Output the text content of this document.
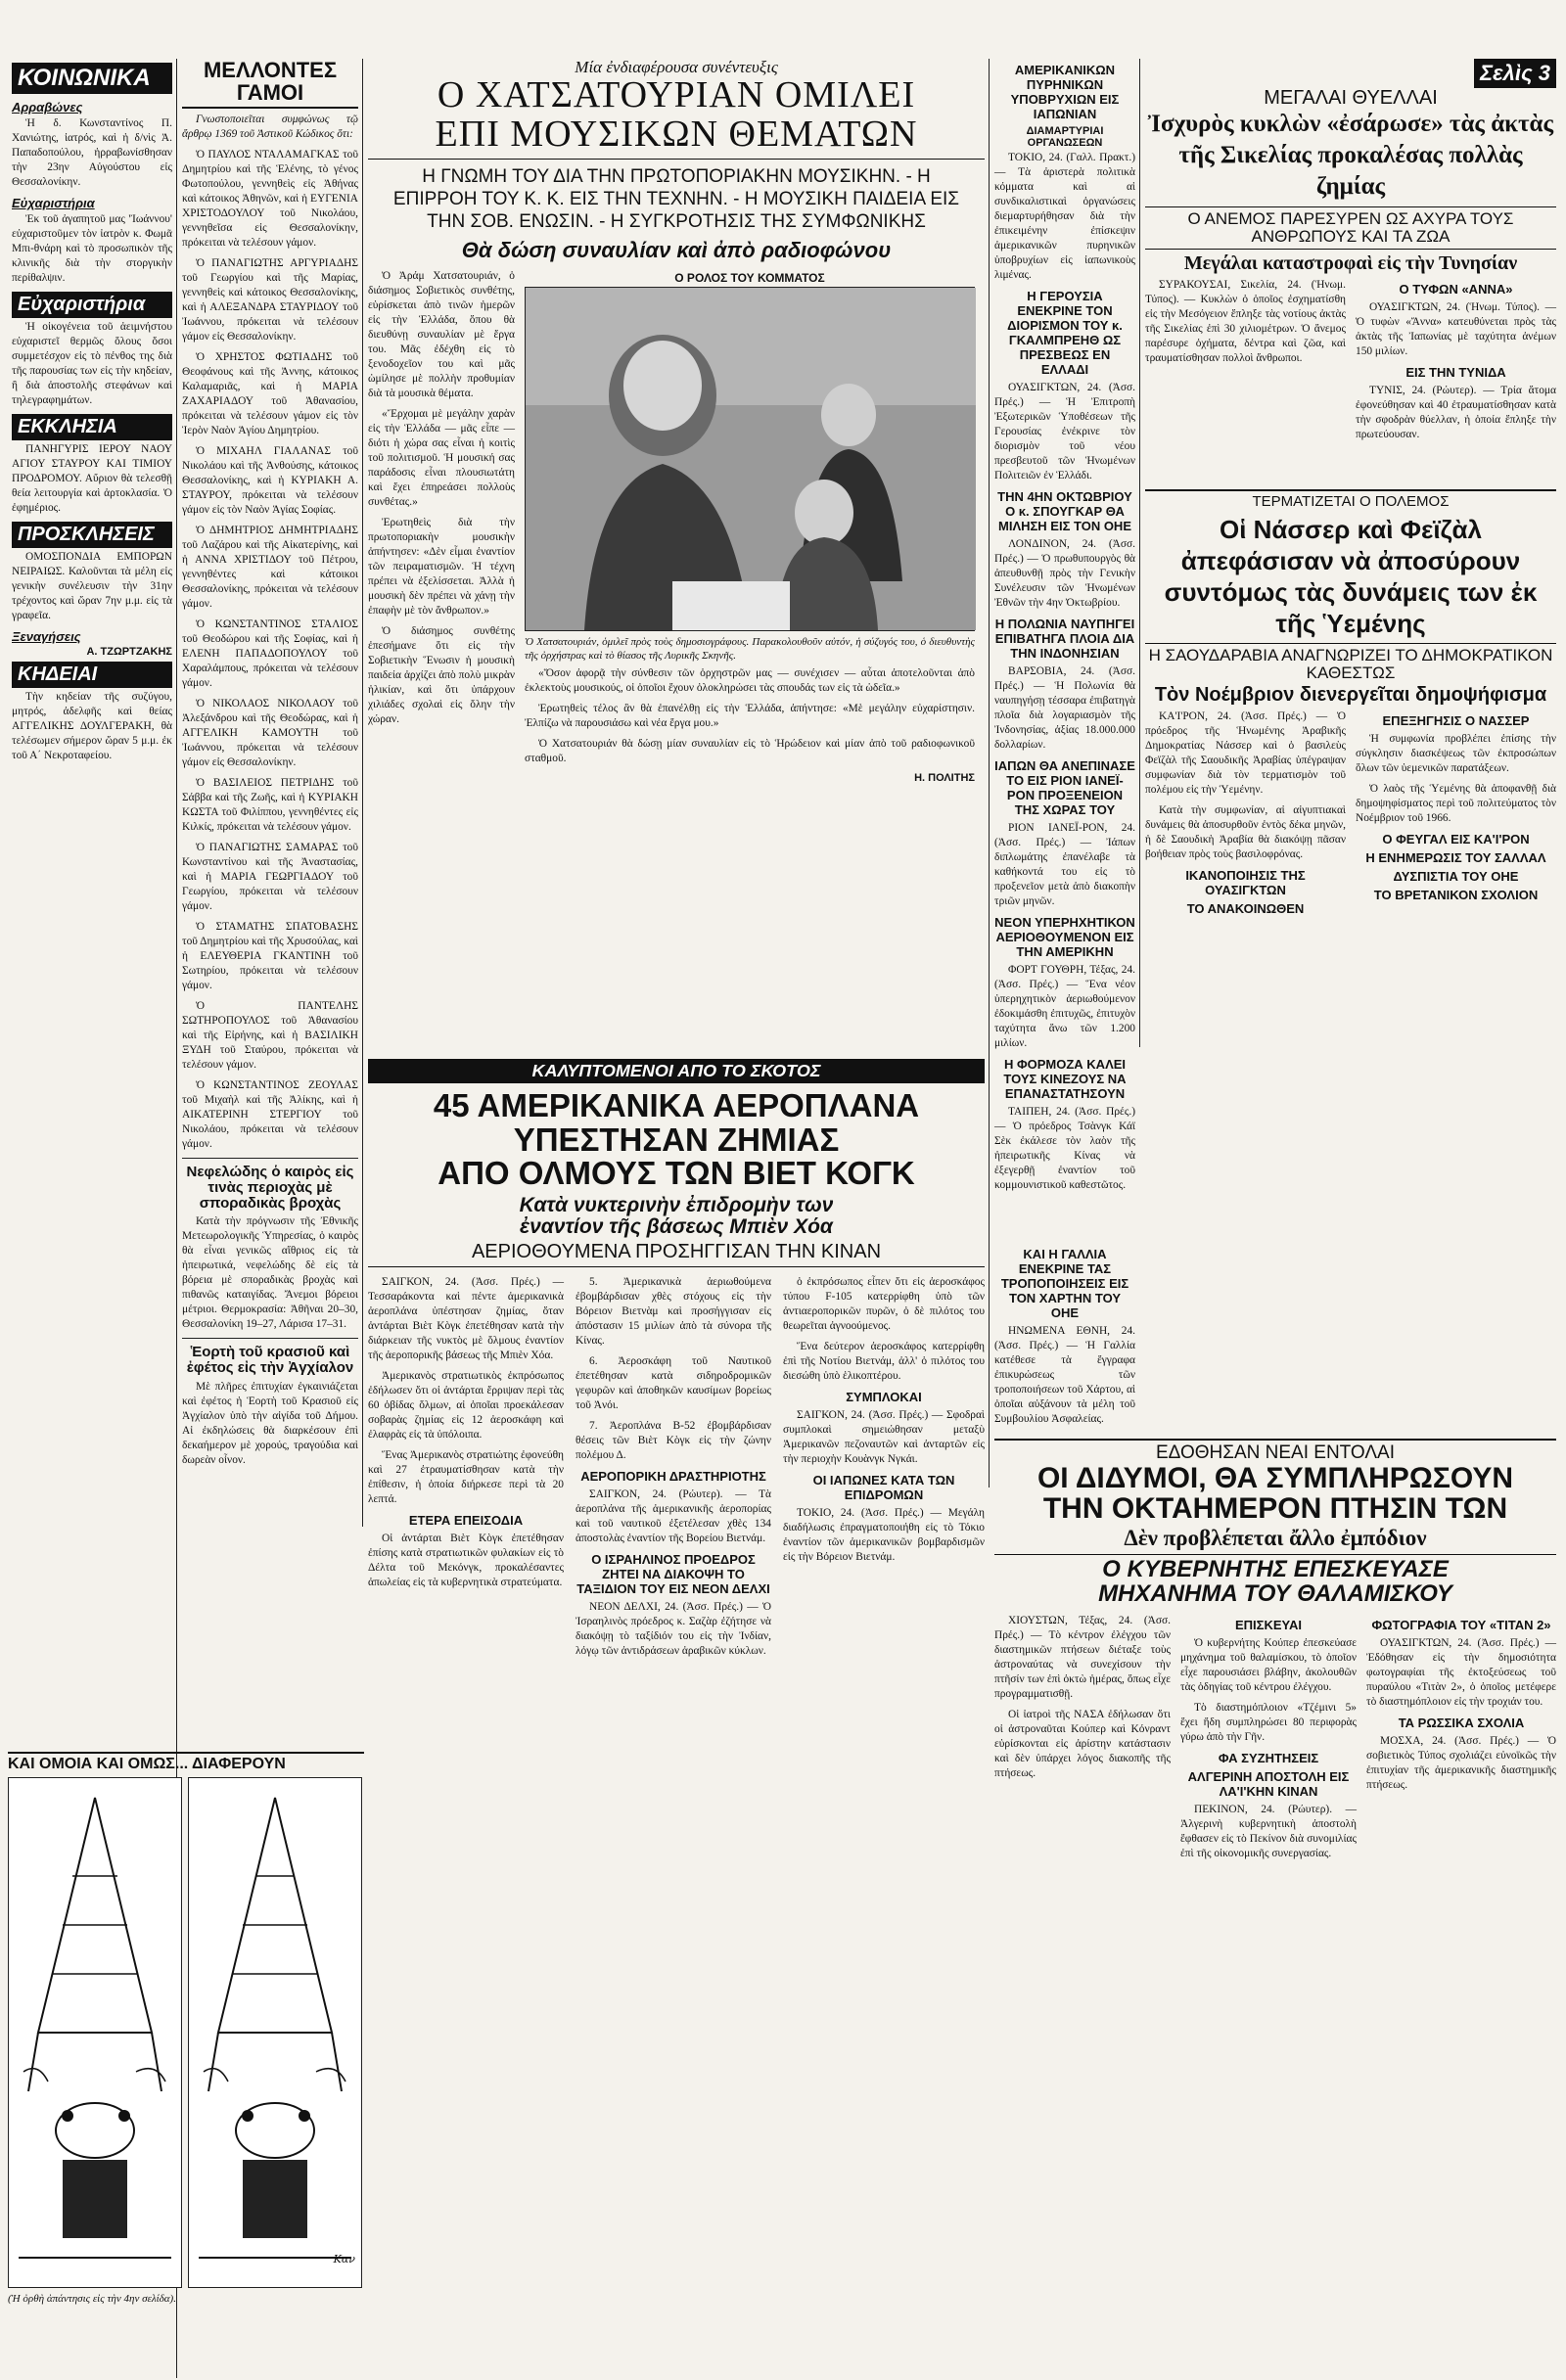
ΚΟΙΝΩΝΙΚΑ
Αρραβώνες

Ἡ δ. Κωνσταντίνος Π. Χανιώτης, ἰατρός, καὶ ἡ δ/νὶς Ἀ. Παπαδοπούλου, ἠρραβωνίσθησαν τὴν 23ην Αὐγούστου εἰς Θεσσαλονίκην.

Εὐχαριστήρια

Ἐκ τοῦ ἀγαπητοῦ μας 'Ἰωάννου' εὐχαριστοῦμεν τὸν ἰατρὸν κ. Φωμᾶ Μπι-θνάρη καὶ τὸ προσωπικὸν τῆς κλινικῆς διὰ τὴν στοργικὴν περίθαλψιν.

Εὐχαριστήρια

Ἡ οἰκογένεια τοῦ ἀειμνήστου εὐχαριστεῖ θερμῶς ὅλους ὅσοι συμμετέσχον εἰς τὸ πένθος της διὰ τῆς παρουσίας των εἰς τὴν κηδείαν, ἢ διὰ ἀποστολῆς στεφάνων καὶ τηλεγραφημάτων.

ΕΚΚΛΗΣΙΑ

ΠΑΝΗΓΥΡΙΣ ΙΕΡΟΥ ΝΑΟΥ ΑΓΙΟΥ ΣΤΑΥΡΟΥ ΚΑΙ ΤΙΜΙΟΥ ΠΡΟΔΡΟΜΟΥ. Αὔριον θὰ τελεσθῇ θεία λειτουργία καὶ ἀρτοκλασία. Ὁ ἐφημέριος.

ΠΡΟΣΚΛΗΣΕΙΣ

ΟΜΟΣΠΟΝΔΙΑ ΕΜΠΟΡΩΝ ΝΕΙΡΑΙΩΣ. Καλοῦνται τὰ μέλη εἰς γενικὴν συνέλευσιν τὴν 31ην τρέχοντος καὶ ὥραν 7ην μ.μ. εἰς τὰ γραφεῖα.

Ξεναγήσεις
Α. ΤΖΩΡΤΖΑΚΗΣ
ΚΗΔΕΙΑΙ

Τὴν κηδείαν τῆς συζύγου, μητρός, ἀδελφῆς καὶ θείας ΑΓΓΕΛΙΚΗΣ ΔΟΥΛΓΕΡΑΚΗ, θὰ τελέσωμεν σήμερον ὥραν 5 μ.μ. ἐκ τοῦ Α΄ Νεκροταφείου.

ΜΕΛΛΟΝΤΕΣ ΓΑΜΟΙ

Γνωστοποιεῖται συμφώνως τῷ ἄρθρῳ 1369 τοῦ Ἀστικοῦ Κώδικος ὅτι:

Ὁ ΠΑΥΛΟΣ ΝΤΑΛΑΜΑΓΚΑΣ τοῦ Δημητρίου καὶ τῆς Ἑλένης, τὸ γένος Φωτοπούλου, γεννηθεὶς εἰς Ἀθήνας καὶ κάτοικος Ἀθηνῶν, καὶ ἡ ΕΥΓΕΝΙΑ ΧΡΙΣΤΟΔΟΥΛΟΥ τοῦ Νικολάου, γεννηθεῖσα εἰς Θεσσαλονίκην, πρόκειται νὰ τελέσουν γάμον.

Ὁ ΠΑΝΑΓΙΩΤΗΣ ΑΡΓΥΡΙΑΔΗΣ τοῦ Γεωργίου καὶ τῆς Μαρίας, γεννηθεὶς καὶ κάτοικος Θεσσαλονίκης, καὶ ἡ ΑΛΕΞΑΝΔΡΑ ΣΤΑΥΡΙΔΟΥ τοῦ Ἰωάννου, πρόκειται νὰ τελέσουν γάμον εἰς Θεσσαλονίκην.

Ὁ ΧΡΗΣΤΟΣ ΦΩΤΙΑΔΗΣ τοῦ Θεοφάνους καὶ τῆς Ἀννης, κάτοικος Καλαμαριᾶς, καὶ ἡ ΜΑΡΙΑ ΖΑΧΑΡΙΑΔΟΥ τοῦ Ἀθανασίου, πρόκειται νὰ τελέσουν γάμον εἰς τὸν Ἱερὸν Ναὸν Ἁγίου Δημητρίου.

Ὁ ΜΙΧΑΗΛ ΓΙΑΛΑΝΑΣ τοῦ Νικολάου καὶ τῆς Ἀνθούσης, κάτοικος Θεσσαλονίκης, καὶ ἡ ΚΥΡΙΑΚΗ Α. ΣΤΑΥΡΟΥ, πρόκειται νὰ τελέσουν γάμον εἰς τὸν Ναὸν Ἁγίας Σοφίας.

Ὁ ΔΗΜΗΤΡΙΟΣ ΔΗΜΗΤΡΙΑΔΗΣ τοῦ Λαζάρου καὶ τῆς Αἰκατερίνης, καὶ ἡ ΑΝΝΑ ΧΡΙΣΤΙΔΟΥ τοῦ Πέτρου, γεννηθέντες καὶ κάτοικοι Θεσσαλονίκης, πρόκειται νὰ τελέσουν γάμον.

Ὁ ΚΩΝΣΤΑΝΤΙΝΟΣ ΣΤΑΛΙΟΣ τοῦ Θεοδώρου καὶ τῆς Σοφίας, καὶ ἡ ΕΛΕΝΗ ΠΑΠΑΔΟΠΟΥΛΟΥ τοῦ Χαραλάμπους, πρόκειται νὰ τελέσουν γάμον.

Ὁ ΝΙΚΟΛΑΟΣ ΝΙΚΟΛΑΟΥ τοῦ Ἀλεξάνδρου καὶ τῆς Θεοδώρας, καὶ ἡ ΑΓΓΕΛΙΚΗ ΚΑΜΟΥΤΗ τοῦ Ἰωάννου, πρόκειται νὰ τελέσουν γάμον εἰς Θεσσαλονίκην.

Ὁ ΒΑΣΙΛΕΙΟΣ ΠΕΤΡΙΔΗΣ τοῦ Σάββα καὶ τῆς Ζωῆς, καὶ ἡ ΚΥΡΙΑΚΗ ΚΩΣΤΑ τοῦ Φιλίππου, γεννηθέντες εἰς Κιλκίς, πρόκειται νὰ τελέσουν γάμον.

Ὁ ΠΑΝΑΓΙΩΤΗΣ ΣΑΜΑΡΑΣ τοῦ Κωνσταντίνου καὶ τῆς Ἀναστασίας, καὶ ἡ ΜΑΡΙΑ ΓΕΩΡΓΙΑΔΟΥ τοῦ Γεωργίου, πρόκειται νὰ τελέσουν γάμον.

Ὁ ΣΤΑΜΑΤΗΣ ΣΠΑΤΟΒΑΣΗΣ τοῦ Δημητρίου καὶ τῆς Χρυσούλας, καὶ ἡ ΕΛΕΥΘΕΡΙΑ ΓΚΑΝΤΙΝΗ τοῦ Σωτηρίου, πρόκειται νὰ τελέσουν γάμον.

Ὁ ΠΑΝΤΕΛΗΣ ΣΩΤΗΡΟΠΟΥΛΟΣ τοῦ Ἀθανασίου καὶ τῆς Εἰρήνης, καὶ ἡ ΒΑΣΙΛΙΚΗ ΞΥΔΗ τοῦ Σταύρου, πρόκειται νὰ τελέσουν γάμον.

Ὁ ΚΩΝΣΤΑΝΤΙΝΟΣ ΖΕΟΥΛΑΣ τοῦ Μιχαὴλ καὶ τῆς Ἀλίκης, καὶ ἡ ΑΙΚΑΤΕΡΙΝΗ ΣΤΕΡΓΙΟΥ τοῦ Νικολάου, πρόκειται νὰ τελέσουν γάμον.

Νεφελώδης ὁ καιρὸς εἰς τινὰς περιοχὰς μὲ σποραδικὰς βροχὰς

Κατὰ τὴν πρόγνωσιν τῆς Ἐθνικῆς Μετεωρολογικῆς Ὑπηρεσίας, ὁ καιρὸς θὰ εἶναι γενικῶς αἴθριος εἰς τὰ ἠπειρωτικά, νεφελώδης δὲ εἰς τὰ βόρεια μὲ σποραδικὰς βροχὰς καὶ πιθανῶς καταιγίδας. Ἄνεμοι βόρειοι μέτριοι. Θερμοκρασία: Ἀθῆναι 20–30, Θεσσαλονίκη 19–27, Λάρισα 17–31.

Ἑορτὴ τοῦ κρασιοῦ καὶ ἐφέτος εἰς τὴν Ἀγχίαλον

Μὲ πλῆρες ἐπιτυχίαν ἐγκαινιάζεται καὶ ἐφέτος ἡ Ἑορτὴ τοῦ Κρασιοῦ εἰς Ἀγχίαλον ὑπὸ τὴν αἰγίδα τοῦ Δήμου. Αἱ ἐκδηλώσεις θὰ διαρκέσουν ἐπὶ δεκαήμερον μὲ χορούς, τραγούδια καὶ δωρεὰν οἶνον.

Μία ἐνδιαφέρουσα συνέντευξις
Ο ΧΑΤΣΑΤΟΥΡΙΑΝ ΟΜΙΛΕΙ
ΕΠΙ ΜΟΥΣΙΚΩΝ ΘΕΜΑΤΩΝ
Η ΓΝΩΜΗ ΤΟΥ ΔΙΑ ΤΗΝ ΠΡΩΤΟΠΟΡΙΑΚΗΝ ΜΟΥΣΙΚΗΝ. - Η ΕΠΙΡΡΟΗ ΤΟΥ Κ. Κ. ΕΙΣ ΤΗΝ ΤΕΧΝΗΝ. - Η ΜΟΥΣΙΚΗ ΠΑΙΔΕΙΑ ΕΙΣ ΤΗΝ ΣΟΒ. ΕΝΩΣΙΝ. - Η ΣΥΓΚΡΟΤΗΣΙΣ ΤΗΣ ΣΥΜΦΩΝΙΚΗΣ
Θὰ δώση συναυλίαν καὶ ἀπὸ ραδιοφώνου

Ὁ Ἀράμ Χατσατουριάν, ὁ διάσημος Σοβιετικὸς συνθέτης, εὑρίσκεται ἀπὸ τινῶν ἡμερῶν εἰς τὴν Ἑλλάδα, ὅπου θὰ διευθύνῃ συναυλίαν μὲ ἔργα του. Μᾶς ἐδέχθη εἰς τὸ ξενοδοχεῖον του καὶ μᾶς ὡμίλησε μὲ πολλὴν προθυμίαν διὰ τὰ μουσικὰ θέματα.

«Ἔρχομαι μὲ μεγάλην χαρὰν εἰς τὴν Ἑλλάδα — μᾶς εἶπε — διότι ἡ χώρα σας εἶναι ἡ κοιτὶς τοῦ πολιτισμοῦ. Ἡ μουσική σας παράδοσις εἶναι πλουσιωτάτη καὶ ἔχει ἐπηρεάσει πολλοὺς συνθέτας.»

Ἐρωτηθεὶς διὰ τὴν πρωτοποριακὴν μουσικὴν ἀπήντησεν: «Δὲν εἶμαι ἐναντίον τῶν πειραματισμῶν. Ἡ τέχνη πρέπει νὰ ἐξελίσσεται. Ἀλλὰ ἡ μουσικὴ δὲν πρέπει νὰ χάνῃ τὴν ἐπαφὴν μὲ τὸν ἄνθρωπον.»

Ὁ διάσημος συνθέτης ἐπεσήμανε ὅτι εἰς τὴν Σοβιετικὴν Ἕνωσιν ἡ μουσικὴ παιδεία ἀρχίζει ἀπὸ πολὺ μικρὰν ἡλικίαν, καὶ ὅτι ὑπάρχουν χιλιάδες σχολαὶ εἰς ὅλην τὴν χώραν.

Ο ΡΟΛΟΣ ΤΟΥ ΚΟΜΜΑΤΟΣ

Ὁ Χατσατουριάν, ὁμιλεῖ πρὸς τοὺς δημοσιογράφους. Παρακολουθοῦν αὐτόν, ἡ σύζυγός του, ὁ διευθυντὴς τῆς ὀρχήστρας καὶ τὸ θίασος τῆς Λυρικῆς Σκηνῆς.

«Ὅσον ἀφορᾷ τὴν σύνθεσιν τῶν ὀρχηστρῶν μας — συνέχισεν — αὗται ἀποτελοῦνται ἀπὸ ἐκλεκτοὺς μουσικούς, οἱ ὁποῖοι ἔχουν ὁλοκληρώσει τὰς σπουδάς των εἰς τὰ ὠδεῖα.»

Ἐρωτηθεὶς τέλος ἂν θὰ ἐπανέλθῃ εἰς τὴν Ἑλλάδα, ἀπήντησε: «Μὲ μεγάλην εὐχαρίστησιν. Ἐλπίζω νὰ παρουσιάσω καὶ νέα ἔργα μου.»

Ὁ Χατσατουριάν θὰ δώσῃ μίαν συναυλίαν εἰς τὸ Ἡρώδειον καὶ μίαν ἀπὸ τοῦ ραδιοφωνικοῦ σταθμοῦ.

Η. ΠΟΛΙΤΗΣ
ΚΑΛΥΠΤΟΜΕΝΟΙ ΑΠΟ ΤΟ ΣΚΟΤΟΣ
45 ΑΜΕΡΙΚΑΝΙΚΑ ΑΕΡΟΠΛΑΝΑ
ΥΠΕΣΤΗΣΑΝ ΖΗΜΙΑΣ
ΑΠΟ ΟΛΜΟΥΣ ΤΩΝ ΒΙΕΤ ΚΟΓΚ
Κατὰ νυκτερινὴν ἐπιδρομὴν των
ἐναντίον τῆς βάσεως Μπιὲν Χόα
ΑΕΡΙΟΘΟΥΜΕΝΑ ΠΡΟΣΗΓΓΙΣΑΝ ΤΗΝ ΚΙΝΑΝ

ΣΑΙΓΚΟΝ, 24. (Ἀσσ. Πρές.) — Τεσσαράκοντα καὶ πέντε ἀμερικανικὰ ἀεροπλάνα ὑπέστησαν ζημίας, ὅταν ἀντάρται Βιὲτ Κὸγκ ἐπετέθησαν κατὰ τὴν διάρκειαν τῆς νυκτὸς μὲ ὅλμους ἐναντίον τῆς ἀεροπορικῆς βάσεως τῆς Μπιὲν Χόα.

Ἀμερικανὸς στρατιωτικὸς ἐκπρόσωπος ἐδήλωσεν ὅτι οἱ ἀντάρται ἔρριψαν περὶ τὰς 60 ὀβίδας ὅλμων, αἱ ὁποῖαι προεκάλεσαν σοβαρὰς ζημίας εἰς 12 ἀεροσκάφη καὶ ἐλαφρὰς εἰς τὰ ὑπόλοιπα.

Ἕνας Ἀμερικανὸς στρατιώτης ἐφονεύθη καὶ 27 ἐτραυματίσθησαν κατὰ τὴν ἐπίθεσιν, ἡ ὁποία διήρκεσε περὶ τὰ 20 λεπτά.

ΕΤΕΡΑ ΕΠΕΙΣΟΔΙΑ

Οἱ ἀντάρται Βιὲτ Κὸγκ ἐπετέθησαν ἐπίσης κατὰ στρατιωτικῶν φυλακίων εἰς τὸ Δέλτα τοῦ Μεκόνγκ, προκαλέσαντες ἀπωλείας εἰς τὰ κυβερνητικὰ στρατεύματα.

5. Ἀμερικανικὰ ἀεριωθούμενα ἐβομβάρδισαν χθὲς στόχους εἰς τὴν Βόρειον Βιετνὰμ καὶ προσήγγισαν εἰς ἀπόστασιν 15 μιλίων ἀπὸ τὰ σύνορα τῆς Κίνας.

6. Ἀεροσκάφη τοῦ Ναυτικοῦ ἐπετέθησαν κατὰ σιδηροδρομικῶν γεφυρῶν καὶ ἀποθηκῶν καυσίμων βορείως τοῦ Ἀνόι.

7. Ἀεροπλάνα Β-52 ἐβομβάρδισαν θέσεις τῶν Βιὲτ Κὸγκ εἰς τὴν ζώνην πολέμου Δ.

ΑΕΡΟΠΟΡΙΚΗ ΔΡΑΣΤΗΡΙΟΤΗΣ

ΣΑΙΓΚΟΝ, 24. (Ρώυτερ). — Τὰ ἀεροπλάνα τῆς ἀμερικανικῆς ἀεροπορίας καὶ τοῦ ναυτικοῦ ἐξετέλεσαν χθὲς 134 ἀποστολὰς ἐναντίον τῆς Βορείου Βιετνάμ.

Ο ΙΣΡΑΗΛΙΝΟΣ ΠΡΟΕΔΡΟΣ ΖΗΤΕΙ ΝΑ ΔΙΑΚΟΨΗ ΤΟ ΤΑΞΙΔΙΟΝ ΤΟΥ ΕΙΣ ΝΕΟΝ ΔΕΛΧΙ

ΝΕΟΝ ΔΕΛΧΙ, 24. (Ἀσσ. Πρές.) — Ὁ Ἰσραηλινὸς πρόεδρος κ. Σαζὰρ ἐζήτησε νὰ διακόψῃ τὸ ταξίδιόν του εἰς τὴν Ἰνδίαν, λόγῳ τῶν ἀντιδράσεων ἀραβικῶν κύκλων.

ὁ ἐκπρόσωπος εἶπεν ὅτι εἰς ἀεροσκάφος τύπου F-105 κατερρίφθη ὑπὸ τῶν ἀντιαεροπορικῶν πυρῶν, ὁ δὲ πιλότος του θεωρεῖται ἀγνοούμενος.

Ἕνα δεύτερον ἀεροσκάφος κατερρίφθη ἐπὶ τῆς Νοτίου Βιετνάμ, ἀλλ' ὁ πιλότος του διεσώθη ὑπὸ ἑλικοπτέρου.

ΣΥΜΠΛΟΚΑΙ

ΣΑΙΓΚΟΝ, 24. (Ἀσσ. Πρές.) — Σφοδραὶ συμπλοκαὶ σημειώθησαν μεταξὺ Ἀμερικανῶν πεζοναυτῶν καὶ ἀνταρτῶν εἰς τὴν περιοχὴν Κουὰνγκ Νγκάι.

ΟΙ ΙΑΠΩΝΕΣ ΚΑΤΑ ΤΩΝ ΕΠΙΔΡΟΜΩΝ

ΤΟΚΙΟ, 24. (Ἀσσ. Πρές.) — Μεγάλη διαδήλωσις ἐπραγματοποιήθη εἰς τὸ Τόκιο ἐναντίον τῶν ἀμερικανικῶν βομβαρδισμῶν εἰς τὴν Βόρειον Βιετνάμ.

ΚΑΙ ΟΜΟΙΑ ΚΑΙ ΟΜΩΣ... ΔΙΑΦΕΡΟΥΝ
Καν
(Ἡ ὀρθὴ ἀπάντησις εἰς τὴν 4ην σελίδα).
ΑΜΕΡΙΚΑΝΙΚΩΝ ΠΥΡΗΝΙΚΩΝ ΥΠΟΒΡΥΧΙΩΝ ΕΙΣ ΙΑΠΩΝΙΑΝ
ΔΙΑΜΑΡΤΥΡΙΑΙ ΟΡΓΑΝΩΣΕΩΝ

ΤΟΚΙΟ, 24. (Γαλλ. Πρακτ.) — Τὰ ἀριστερὰ πολιτικὰ κόμματα καὶ αἱ συνδικαλιστικαὶ ὀργανώσεις διεμαρτυρήθησαν διὰ τὴν ἐπικειμένην ἐπίσκεψιν ἀμερικανικῶν πυρηνικῶν ὑποβρυχίων εἰς ἰαπωνικοὺς λιμένας.

Η ΓΕΡΟΥΣΙΑ ΕΝΕΚΡΙΝΕ ΤΟΝ ΔΙΟΡΙΣΜΟΝ ΤΟΥ κ. ΓΚΑΛΜΠΡΕΗΘ ΩΣ ΠΡΕΣΒΕΩΣ ΕΝ ΕΛΛΑΔΙ

ΟΥΑΣΙΓΚΤΩΝ, 24. (Ἀσσ. Πρές.) — Ἡ Ἐπιτροπὴ Ἐξωτερικῶν Ὑποθέσεων τῆς Γερουσίας ἐνέκρινε τὸν διορισμὸν τοῦ νέου πρεσβευτοῦ τῶν Ἡνωμένων Πολιτειῶν ἐν Ἑλλάδι.

ΤΗΝ 4ΗΝ ΟΚΤΩΒΡΙΟΥ Ο κ. ΣΠΟΥΓΚΑΡ ΘΑ ΜΙΛΗΣΗ ΕΙΣ ΤΟΝ ΟΗΕ

ΛΟΝΔΙΝΟΝ, 24. (Ἀσσ. Πρές.) — Ὁ πρωθυπουργὸς θὰ ἀπευθυνθῇ πρὸς τὴν Γενικὴν Συνέλευσιν τῶν Ἡνωμένων Ἐθνῶν τὴν 4ην Ὀκτωβρίου.

Η ΠΟΛΩΝΙΑ ΝΑΥΠΗΓΕΙ ΕΠΙΒΑΤΗΓΑ ΠΛΟΙΑ ΔΙΑ ΤΗΝ ΙΝΔΟΝΗΣΙΑΝ

ΒΑΡΣΟΒΙΑ, 24. (Ἀσσ. Πρές.) — Ἡ Πολωνία θὰ ναυπηγήσῃ τέσσαρα ἐπιβατηγὰ πλοῖα διὰ λογαριασμὸν τῆς Ἰνδονησίας, ἀξίας 18.000.000 δολλαρίων.

ΙΑΠΩΝ ΘΑ ΑΝΕΠΙΝΑΣΕ ΤΟ ΕΙΣ ΡΙΟΝ ΙΑΝΕΪ-ΡΟΝ ΠΡΟΞΕΝΕΙΟΝ ΤΗΣ ΧΩΡΑΣ ΤΟΥ

ΡΙΟΝ ΙΑΝΕΪ-ΡΟΝ, 24. (Ἀσσ. Πρές.) — Ἰάπων διπλωμάτης ἐπανέλαβε τὰ καθήκοντά του εἰς τὸ προξενεῖον μετὰ ἀπὸ διακοπὴν τριῶν μηνῶν.

ΝΕΟΝ ΥΠΕΡΗΧΗΤΙΚΟΝ ΑΕΡΙΟΘΟΥΜΕΝΟΝ ΕΙΣ ΤΗΝ ΑΜΕΡΙΚΗΝ

ΦΟΡΤ ΓΟΥΘΡΗ, Τέξας, 24. (Ἀσσ. Πρές.) — Ἕνα νέον ὑπερηχητικὸν ἀεριωθούμενον ἐδοκιμάσθη ἐπιτυχῶς, ἐπιτυχὸν ταχύτητα ἄνω τῶν 1.200 μιλίων.

Η ΦΟΡΜΟΖΑ ΚΑΛΕΙ ΤΟΥΣ ΚΙΝΕΖΟΥΣ ΝΑ ΕΠΑΝΑΣΤΑΤΗΣΟΥΝ

ΤΑΙΠΕΗ, 24. (Ἀσσ. Πρές.) — Ὁ πρόεδρος Τσὰνγκ Κάϊ Σὲκ ἐκάλεσε τὸν λαὸν τῆς ἠπειρωτικῆς Κίνας νὰ ἐξεγερθῇ ἐναντίον τοῦ κομμουνιστικοῦ καθεστῶτος.

ΚΑΙ Η ΓΑΛΛΙΑ ΕΝΕΚΡΙΝΕ ΤΑΣ ΤΡΟΠΟΠΟΙΗΣΕΙΣ ΕΙΣ ΤΟΝ ΧΑΡΤΗΝ ΤΟΥ ΟΗΕ

ΗΝΩΜΕΝΑ ΕΘΝΗ, 24. (Ἀσσ. Πρές.) — Ἡ Γαλλία κατέθεσε τὰ ἔγγραφα ἐπικυρώσεως τῶν τροποποιήσεων τοῦ Χάρτου, αἱ ὁποῖαι αὐξάνουν τὰ μέλη τοῦ Συμβουλίου Ἀσφαλείας.

Σελὶς 3
ΜΕΓΑΛΑΙ ΘΥΕΛΛΑΙ
Ἰσχυρὸς κυκλὼν «ἐσάρωσε» τὰς ἀκτὰς τῆς Σικελίας προκαλέσας πολλὰς ζημίας
Ο ΑΝΕΜΟΣ ΠΑΡΕΣΥΡΕΝ ΩΣ ΑΧΥΡΑ ΤΟΥΣ ΑΝΘΡΩΠΟΥΣ ΚΑΙ ΤΑ ΖΩΑ
Μεγάλαι καταστροφαὶ εἰς τὴν Τυνησίαν

ΣΥΡΑΚΟΥΣΑΙ, Σικελία, 24. (Ἡνωμ. Τύπος). — Κυκλὼν ὁ ὁποῖος ἐσχηματίσθη εἰς τὴν Μεσόγειον ἔπληξε τὰς νοτίους ἀκτὰς τῆς Σικελίας ἐπὶ 30 χιλιομέτρων. Ὁ ἄνεμος παρέσυρε ὀχήματα, δέντρα καὶ ζῶα, καὶ τραυματίσθησαν πολλοὶ ἄνθρωποι.

Ο ΤΥΦΩΝ «ΑΝΝΑ»

ΟΥΑΣΙΓΚΤΩΝ, 24. (Ἡνωμ. Τύπος). — Ὁ τυφὼν «Ἄννα» κατευθύνεται πρὸς τὰς ἀκτὰς τῆς Ἰαπωνίας μὲ ταχύτητα ἀνέμων 150 μιλίων.

ΕΙΣ ΤΗΝ ΤΥΝΙΔΑ

ΤΥΝΙΣ, 24. (Ρώυτερ). — Τρία ἄτομα ἐφονεύθησαν καὶ 40 ἐτραυματίσθησαν κατὰ τὴν σφοδρὰν θύελλαν, ἡ ὁποία ἔπληξε τὴν πρωτεύουσαν.

ΤΕΡΜΑΤΙΖΕΤΑΙ Ο ΠΟΛΕΜΟΣ
Οἱ Νάσσερ καὶ Φεϊζὰλ ἀπεφάσισαν νὰ ἀποσύρουν συντόμως τὰς δυνάμεις των ἐκ τῆς Ὑεμένης
Η ΣΑΟΥΔΑΡΑΒΙΑ ΑΝΑΓΝΩΡΙΖΕΙ ΤΟ ΔΗΜΟΚΡΑΤΙΚΟΝ ΚΑΘΕΣΤΩΣ
Τὸν Νοέμβριον διενεργεῖται δημοψήφισμα

ΚΑ'Ι'ΡΟΝ, 24. (Ἀσσ. Πρές.) — Ὁ πρόεδρος τῆς Ἡνωμένης Ἀραβικῆς Δημοκρατίας Νάσσερ καὶ ὁ βασιλεὺς Φεϊζὰλ τῆς Σαουδικῆς Ἀραβίας ὑπέγραψαν συμφωνίαν διὰ τὸν τερματισμὸν τοῦ πολέμου εἰς τὴν Ὑεμένην.

Κατὰ τὴν συμφωνίαν, αἱ αἰγυπτιακαὶ δυνάμεις θὰ ἀποσυρθοῦν ἐντὸς δέκα μηνῶν, ἡ δὲ Σαουδικὴ Ἀραβία θὰ διακόψῃ πᾶσαν βοήθειαν πρὸς τοὺς βασιλοφρόνας.

ΙΚΑΝΟΠΟΙΗΣΙΣ ΤΗΣ ΟΥΑΣΙΓΚΤΩΝ
ΤΟ ΑΝΑΚΟΙΝΩΘΕΝ
ΕΠΕΞΗΓΗΣΙΣ Ο ΝΑΣΣΕΡ

Ἡ συμφωνία προβλέπει ἐπίσης τὴν σύγκλησιν διασκέψεως τῶν ἐκπροσώπων ὅλων τῶν ὑεμενικῶν παρατάξεων.

Ὁ λαὸς τῆς Ὑεμένης θὰ ἀποφανθῇ διὰ δημοψηφίσματος περὶ τοῦ πολιτεύματος τὸν Νοέμβριον τοῦ 1966.

Ο ΦΕΥΓΑΛ ΕΙΣ ΚΑ'Ι'ΡΟΝ
Η ΕΝΗΜΕΡΩΣΙΣ ΤΟΥ ΣΑΛΛΑΛ
ΔΥΣΠΙΣΤΙΑ ΤΟΥ ΟΗΕ
ΤΟ ΒΡΕΤΑΝΙΚΟΝ ΣΧΟΛΙΟΝ
ΕΔΟΘΗΣΑΝ ΝΕΑΙ ΕΝΤΟΛΑΙ
ΟΙ ΔΙΔΥΜΟΙ, ΘΑ ΣΥΜΠΛΗΡΩΣΟΥΝ
ΤΗΝ ΟΚΤΑΗΜΕΡΟΝ ΠΤΗΣΙΝ ΤΩΝ
Δὲν προβλέπεται ἄλλο ἐμπόδιον
Ο ΚΥΒΕΡΝΗΤΗΣ ΕΠΕΣΚΕΥΑΣΕ
ΜΗΧΑΝΗΜΑ ΤΟΥ ΘΑΛΑΜΙΣΚΟΥ

ΧΙΟΥΣΤΩΝ, Τέξας, 24. (Ἀσσ. Πρές.) — Τὸ κέντρον ἐλέγχου τῶν διαστημικῶν πτήσεων διέταξε τοὺς ἀστροναύτας νὰ συνεχίσουν τὴν πτῆσίν των ἐπὶ ὀκτὼ ἡμέρας, ὅπως εἶχε προγραμματισθῇ.

Οἱ ἰατροὶ τῆς ΝΑΣΑ ἐδήλωσαν ὅτι οἱ ἀστροναῦται Κούπερ καὶ Κόνραντ εὑρίσκονται εἰς ἀρίστην κατάστασιν καὶ δὲν ὑπάρχει λόγος διακοπῆς τῆς πτήσεως.

ΕΠΙΣΚΕΥΑΙ

Ὁ κυβερνήτης Κούπερ ἐπεσκεύασε μηχάνημα τοῦ θαλαμίσκου, τὸ ὁποῖον εἶχε παρουσιάσει βλάβην, ἀκολουθῶν τὰς ὁδηγίας τοῦ κέντρου ἐλέγχου.

Τὸ διαστημόπλοιον «Τζέμινι 5» ἔχει ἤδη συμπληρώσει 80 περιφορὰς γύρω ἀπὸ τὴν Γῆν.

ΦΑ ΣΥΖΗΤΗΣΕΙΣ
ΑΛΓΕΡΙΝΗ ΑΠΟΣΤΟΛΗ ΕΙΣ ΛΑ'Ι'ΚΗΝ ΚΙΝΑΝ

ΠΕΚΙΝΟΝ, 24. (Ρώυτερ). — Ἀλγερινὴ κυβερνητικὴ ἀποστολὴ ἔφθασεν εἰς τὸ Πεκίνον διὰ συνομιλίας ἐπὶ τῆς οἰκονομικῆς συνεργασίας.

ΦΩΤΟΓΡΑΦΙΑ ΤΟΥ «ΤΙΤΑΝ 2»

ΟΥΑΣΙΓΚΤΩΝ, 24. (Ἀσσ. Πρές.) — Ἐδόθησαν εἰς τὴν δημοσιότητα φωτογραφίαι τῆς ἐκτοξεύσεως τοῦ πυραύλου «Τιτὰν 2», ὁ ὁποῖος μετέφερε τὸ διαστημόπλοιον εἰς τὴν τροχιάν του.

ΤΑ ΡΩΣΣΙΚΑ ΣΧΟΛΙΑ

ΜΟΣΧΑ, 24. (Ἀσσ. Πρές.) — Ὁ σοβιετικὸς Τύπος σχολιάζει εὐνοϊκῶς τὴν ἐπιτυχίαν τῆς ἀμερικανικῆς διαστημικῆς πτήσεως.
